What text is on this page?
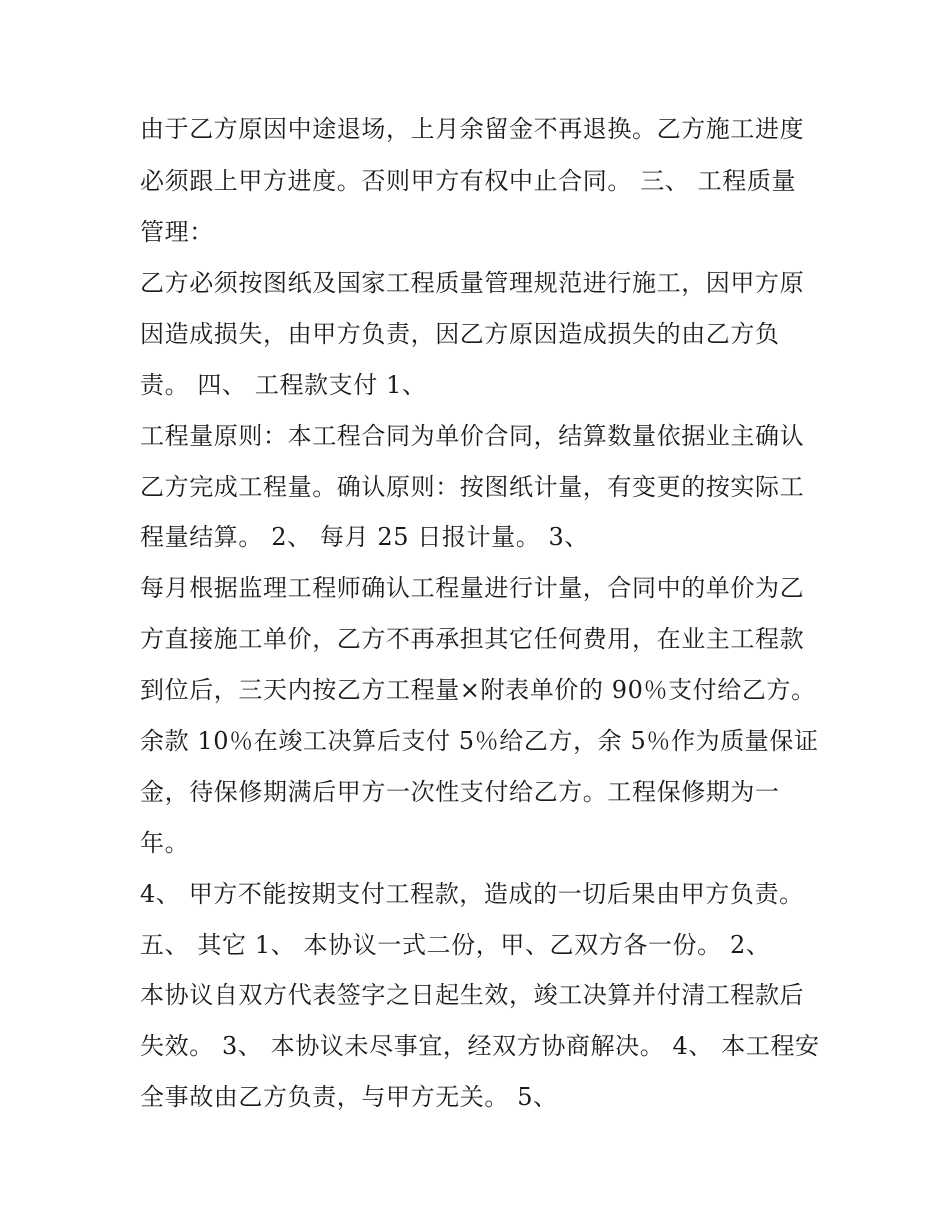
由于乙方原因中途退场，上月余留金不再退换。乙方施工进度
必须跟上甲方进度。否则甲方有权中止合同。 三、 工程质量
管理：
乙方必须按图纸及国家工程质量管理规范进行施工，因甲方原
因造成损失，由甲方负责，因乙方原因造成损失的由乙方负
责。 四、 工程款支付 1、
工程量原则：本工程合同为单价合同，结算数量依据业主确认
乙方完成工程量。确认原则：按图纸计量，有变更的按实际工
程量结算。 2、 每月 25 日报计量。 3、
每月根据监理工程师确认工程量进行计量，合同中的单价为乙
方直接施工单价，乙方不再承担其它任何费用，在业主工程款
到位后，三天内按乙方工程量×附表单价的 90％支付给乙方。
余款 10％在竣工决算后支付 5％给乙方，余 5％作为质量保证
金，待保修期满后甲方一次性支付给乙方。工程保修期为一
年。
4、 甲方不能按期支付工程款，造成的一切后果由甲方负责。
五、 其它 1、 本协议一式二份，甲、乙双方各一份。 2、
本协议自双方代表签字之日起生效，竣工决算并付清工程款后
失效。 3、 本协议未尽事宜，经双方协商解决。 4、 本工程安
全事故由乙方负责，与甲方无关。 5、
